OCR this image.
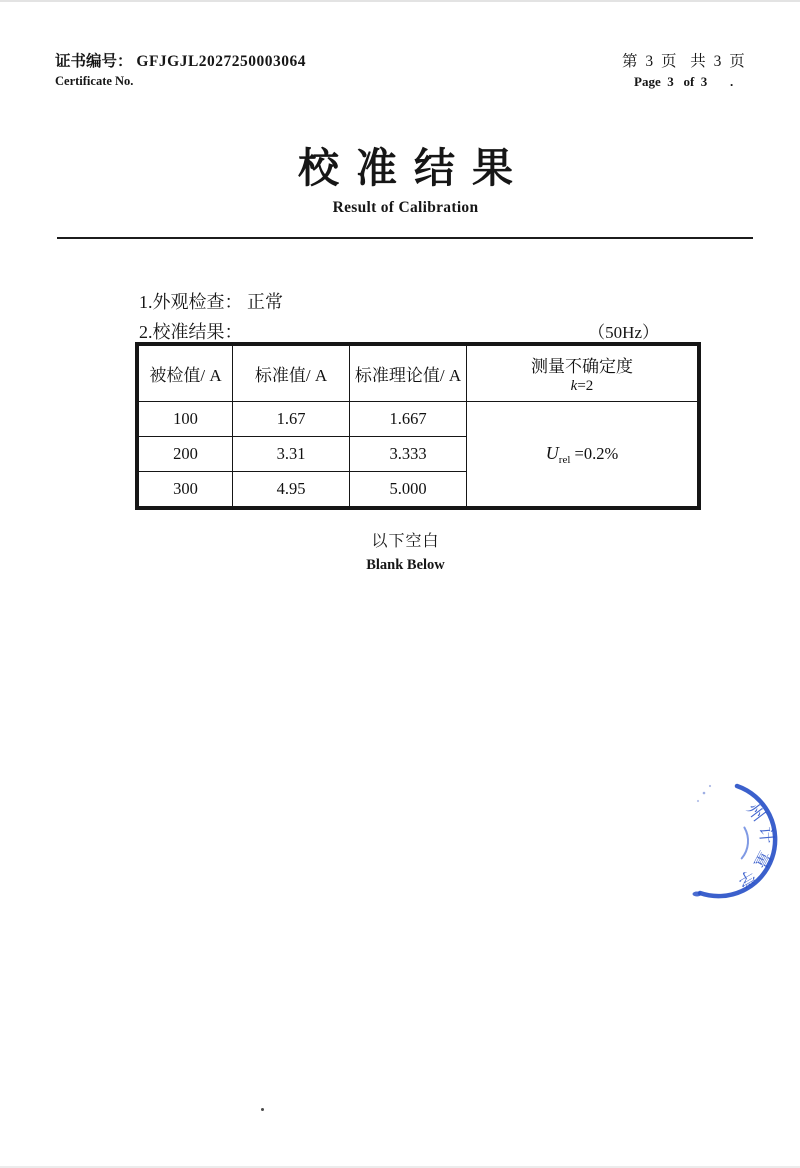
证书编号： GFJGJL2027250003064
Certificate No.
第 3 页  共 3 页
Page  3   of  3       .
校准结果
Result of Calibration
1.外观检查： 正常
2.校准结果：	（50Hz）
被检值/ A	标准值/ A	标准理论值/ A	测量不确定度
k=2

100	1.67	1.667	$U_{rel} =0.2\%$
200	3.31	3.333	
300	4.95	5.000	
以下空白
Blank Below
州计量学
